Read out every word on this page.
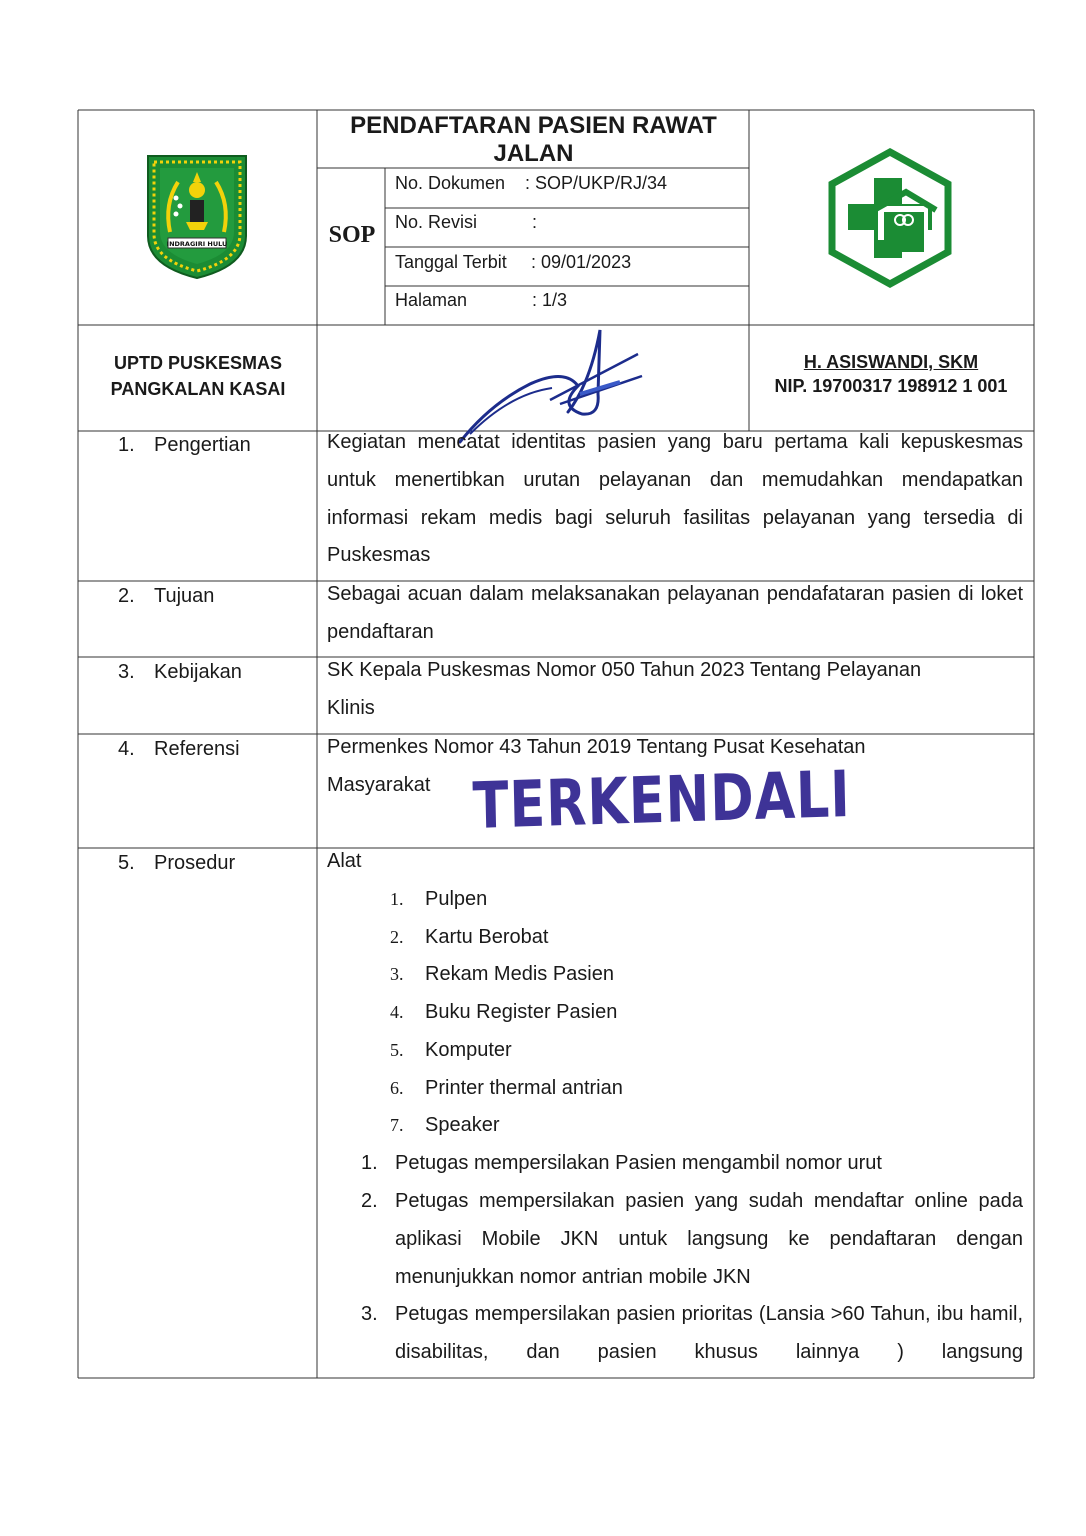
INDRAGIRI HULU
PENDAFTARAN PASIEN RAWAT JALAN
SOP
No. Dokumen : SOP/UKP/RJ/34
No. Revisi	:
Tanggal Terbit : 09/01/2023
Halaman	: 1/3
UPTD PUSKESMAS
PANGKALAN KASAI
H. ASISWANDI, SKM
NIP. 19700317 198912 1 001
1. Pengertian
2. Tujuan
3. Kebijakan
4. Referensi
5. Prosedur
Kegiatan mencatat identitas pasien yang baru pertama kali kepuskesmas untuk menertibkan urutan pelayanan dan memudahkan mendapatkan informasi rekam medis bagi seluruh fasilitas pelayanan yang tersedia di Puskesmas
Sebagai acuan dalam melaksanakan pelayanan pendafataran pasien di loket pendaftaran
SK Kepala Puskesmas Nomor 050 Tahun 2023 Tentang Pelayanan
Klinis
Permenkes Nomor 43 Tahun 2019 Tentang Pusat Kesehatan
Masyarakat TERKENDALI
Alat
1. Pulpen
2. Kartu Berobat
3. Rekam Medis Pasien
4. Buku Register Pasien
5. Komputer
6. Printer thermal antrian
7. Speaker
1. Petugas mempersilakan Pasien mengambil nomor urut
2. Petugas mempersilakan pasien yang sudah mendaftar online pada aplikasi Mobile JKN untuk langsung ke pendaftaran dengan menunjukkan nomor antrian mobile JKN
3. Petugas mempersilakan pasien prioritas (Lansia >60 Tahun, ibu hamil, disabilitas, dan pasien khusus lainnya ) langsung
